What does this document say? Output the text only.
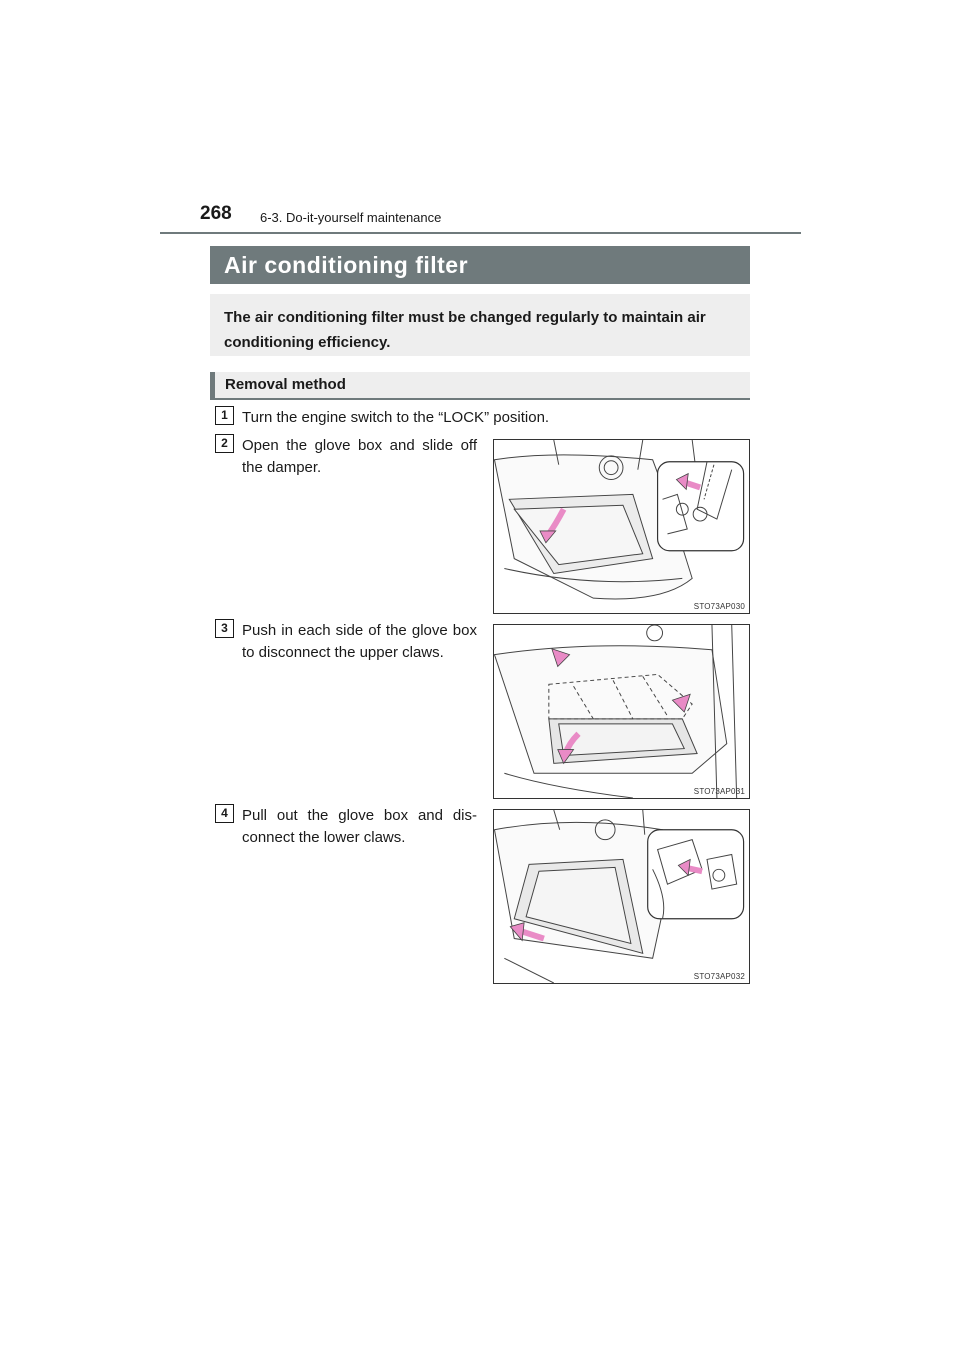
268 6-3. Do-it-yourself maintenance
Air conditioning filter
The air conditioning filter must be changed regularly to maintain air conditioning efficiency.
Removal method
1 Turn the engine switch to the “LOCK” position.
2 Open the glove box and slide off the damper.
STO73AP030
3 Push in each side of the glove box to disconnect the upper claws.
STO73AP031
4 Pull out the glove box and dis-connect the lower claws.
STO73AP032
